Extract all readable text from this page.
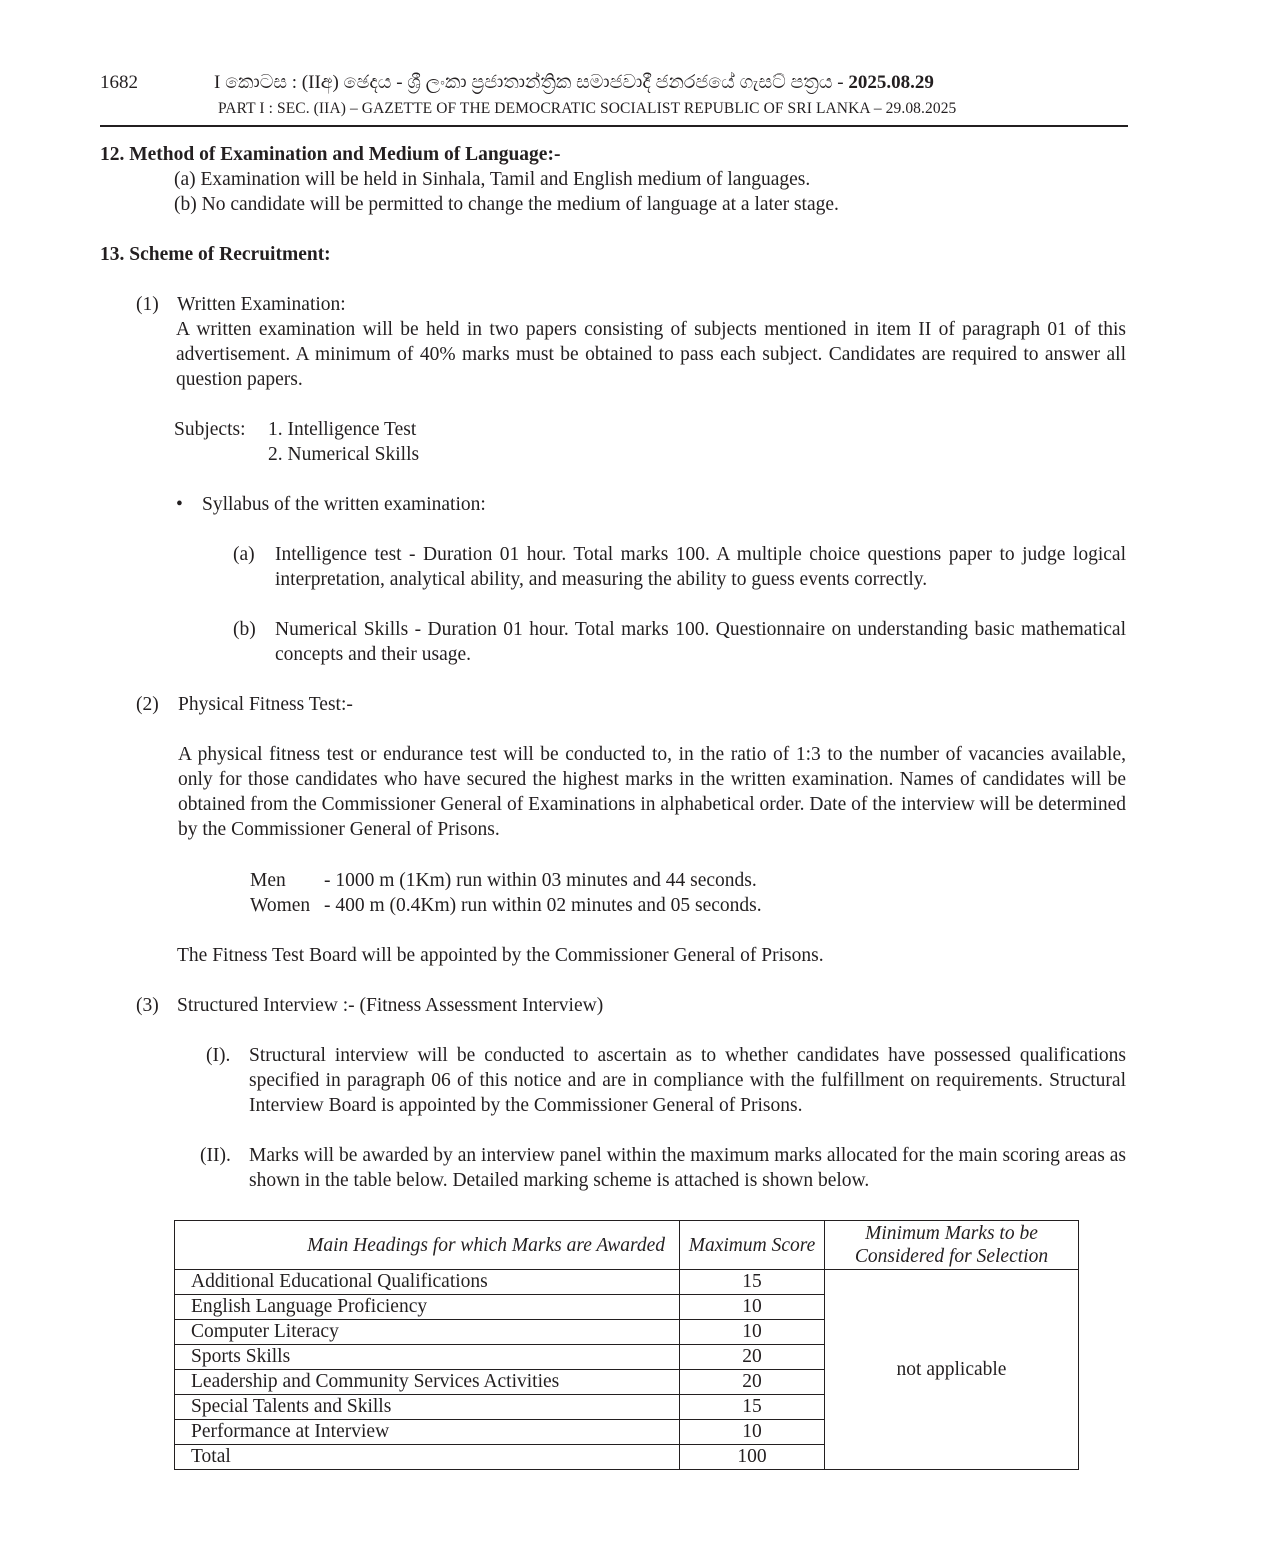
1682	I කොටස : (IIඅ) ඡෙදය - ශ්‍රී ලංකා ප්‍රජාතාන්ත්‍රික සමාජවාදී ජනරජයේ ගැසට් පත්‍රය - 2025.08.29
PART I : SEC. (IIA) – GAZETTE OF THE DEMOCRATIC SOCIALIST REPUBLIC OF SRI LANKA – 29.08.2025
12. Method of Examination and Medium of Language:-
(a) Examination will be held in Sinhala, Tamil and English medium of languages.
(b) No candidate will be permitted to change the medium of language at a later stage.
13. Scheme of Recruitment:
(1) Written Examination:
A written examination will be held in two papers consisting of subjects mentioned in item II of paragraph 01 of this advertisement. A minimum of 40% marks must be obtained to pass each subject. Candidates are required to answer all question papers.
Subjects: 1. Intelligence Test
2. Numerical Skills
• Syllabus of the written examination:
(a) Intelligence test - Duration 01 hour. Total marks 100. A multiple choice questions paper to judge logical interpretation, analytical ability, and measuring the ability to guess events correctly.
(b) Numerical Skills - Duration 01 hour. Total marks 100. Questionnaire on understanding basic mathematical concepts and their usage.
(2) Physical Fitness Test:-
A physical fitness test or endurance test will be conducted to, in the ratio of 1:3 to the number of vacancies available, only for those candidates who have secured the highest marks in the written examination. Names of candidates will be obtained from the Commissioner General of Examinations in alphabetical order. Date of the interview will be determined by the Commissioner General of Prisons.
Men - 1000 m (1Km) run within 03 minutes and 44 seconds.
Women - 400 m (0.4Km) run within 02 minutes and 05 seconds.
The Fitness Test Board will be appointed by the Commissioner General of Prisons.
(3) Structured Interview :- (Fitness Assessment Interview)
(I). Structural interview will be conducted to ascertain as to whether candidates have possessed qualifications specified in paragraph 06 of this notice and are in compliance with the fulfillment on requirements. Structural Interview Board is appointed by the Commissioner General of Prisons.
(II). Marks will be awarded by an interview panel within the maximum marks allocated for the main scoring areas as shown in the table below. Detailed marking scheme is attached is shown below.
Main Headings for which Marks are Awarded	Maximum Score	Minimum Marks to be Considered for Selection
Additional Educational Qualifications	15	not applicable
English Language Proficiency	10	
Computer Literacy	10	
Sports Skills	20	
Leadership and Community Services Activities	20	
Special Talents and Skills	15	
Performance at Interview	10	
Total	100	
